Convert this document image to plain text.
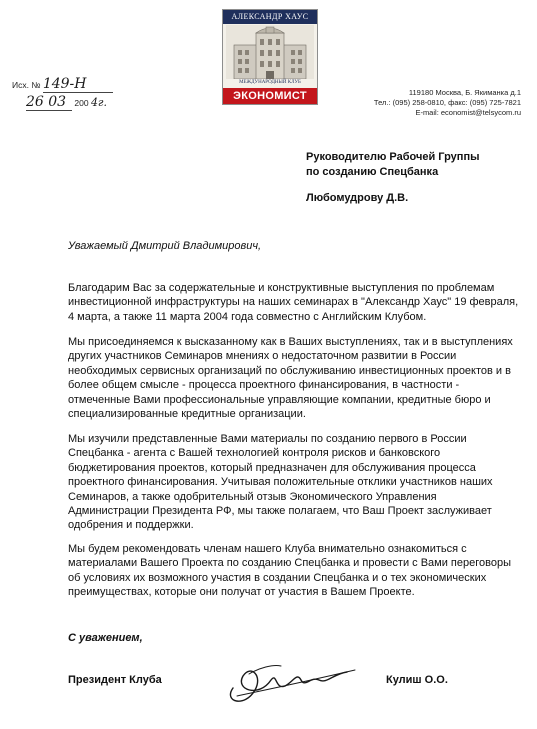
АЛЕКСАНДР ХАУС
МЕЖДУНАРОДНЫЙ КЛУБ
ЭКОНОМИСТ
Исх. № 149-Н
26 03 200 4г.
119180 Москва, Б. Якиманка д.1
Тел.: (095) 258-0810, факс: (095) 725-7821
E-mail: economist@telsycom.ru
Руководителю Рабочей Группы
по созданию Спецбанка
Любомудрову Д.В.
Уважаемый Дмитрий Владимирович,

Благодарим Вас за содержательные и конструктивные выступления по проблемам инвестиционной инфраструктуры на наших семинарах в "Александр Хаус" 19 февраля, 4 марта, а также 11 марта 2004 года совместно с Английским Клубом.

Мы присоединяемся к высказанному как в Ваших выступлениях, так и в выступлениях других участников Семинаров мнениях о недостаточном развитии в России необходимых сервисных организаций по обслуживанию инвестиционных проектов и в более общем смысле - процесса проектного финансирования, в частности - отмеченные Вами профессиональные управляющие компании, кредитные бюро и специализированные кредитные организации.

Мы изучили представленные Вами материалы по созданию первого в России Спецбанка - агента с Вашей технологией контроля рисков и банковского бюджетирования проектов, который предназначен для обслуживания процесса проектного финансирования. Учитывая положительные отклики участников наших Семинаров, а также одобрительный отзыв Экономического Управления Администрации Президента РФ, мы также полагаем, что Ваш Проект заслуживает одобрения и поддержки.

Мы будем рекомендовать членам нашего Клуба внимательно ознакомиться с материалами Вашего Проекта по созданию Спецбанка и провести с Вами переговоры об условиях их возможного участия в создании Спецбанка и о тех экономических преимуществах, которые они получат от участия в Вашем Проекте.

С уважением,
Президент Клуба	Кулиш О.О.
